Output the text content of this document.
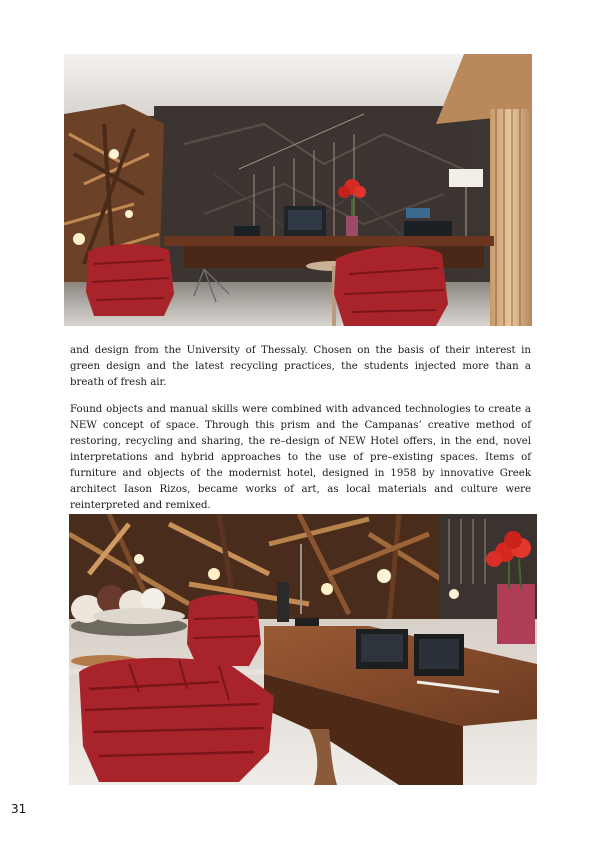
and design from the University of Thessaly. Chosen on the basis of their interest in green design and the latest recycling practices, the students injected more than a breath of fresh air.

Found objects and manual skills were combined with advanced technologies to create a NEW concept of space. Through this prism and the Campanas’ creative method of restoring, recycling and sharing, the re–design of NEW Hotel offers, in the end, novel interpretations and hybrid approaches to the use of pre–existing spaces. Items of furniture and objects of the modernist hotel, designed in 1958 by innovative Greek architect Iason Rizos, became works of art, as local materials and culture were reinterpreted and remixed.

31
